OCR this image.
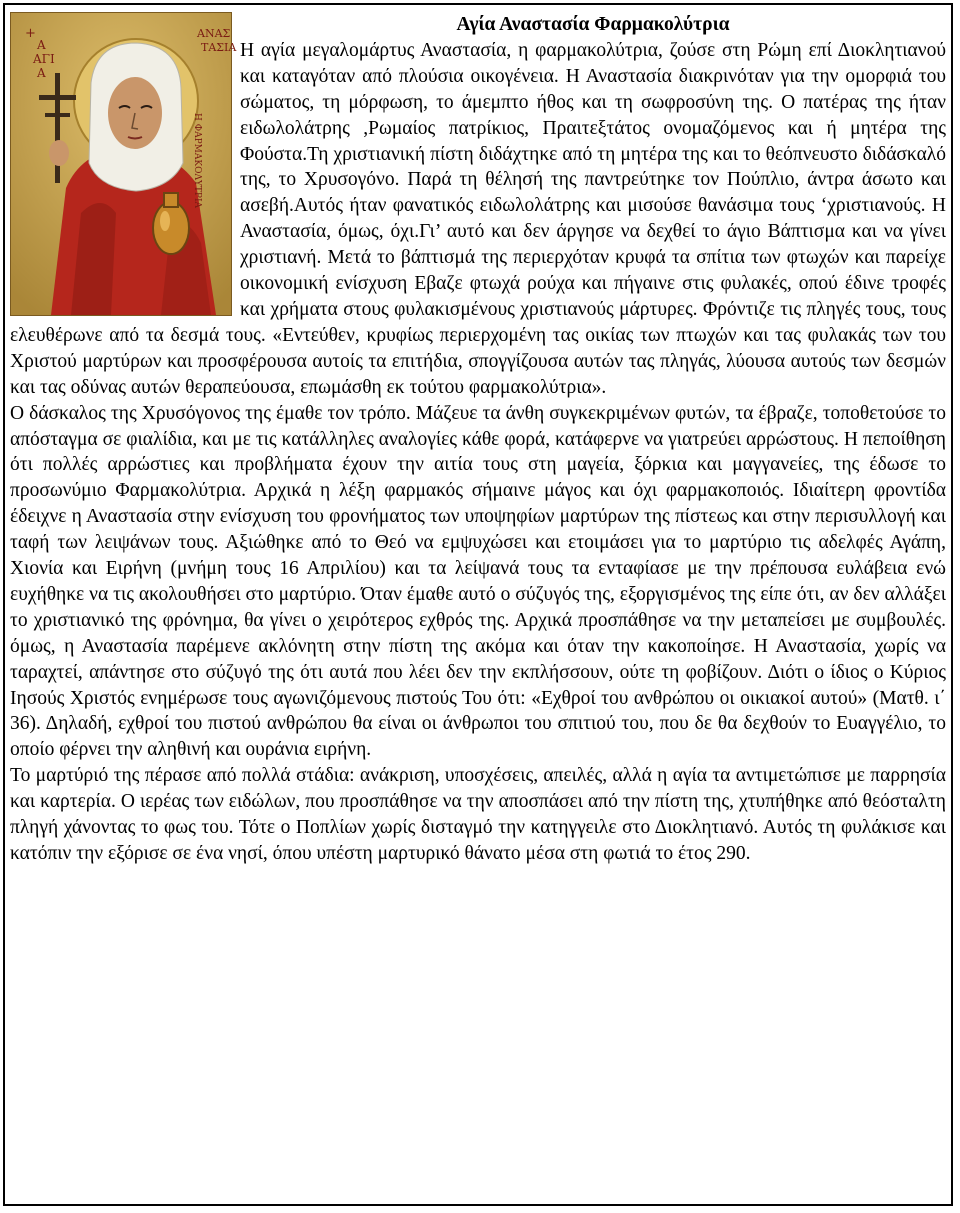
+
Α
ΑΓΙ
Α
ΑΝΑΣ
ΤΑΣΙΑ
Η ΦΑΡΜΑΚΟΛΥΤΡΙΑ
Αγία Αναστασία Φαρμακολύτρια

Η αγία μεγαλομάρτυς Αναστασία, η φαρμακολύτρια, ζούσε στη Ρώμη επί Διοκλητιανού και καταγόταν από πλούσια οικογένεια. Η Αναστασία διακρινόταν για την ομορφιά του σώματος, τη μόρφωση, το άμεμπτο ήθος και τη σωφροσύνη της. Ο πατέρας της ήταν ειδωλολάτρης ,Ρωμαίος πατρίκιος, Πραιτεξτάτος ονομαζόμενος και ή μητέρα της Φούστα.Τη χριστιανική πίστη διδάχτηκε από τη μητέρα της και το θεόπνευστο διδάσκαλό της, το Χρυσογόνο. Παρά τη θέλησή της παντρεύτηκε τον Πούπλιο, άντρα άσωτο και ασεβή.Αυτός ήταν φανατικός ειδωλολάτρης και μισούσε θανάσιμα τους ‘χριστιανούς. Η Αναστασία, όμως, όχι.Γι’ αυτό και δεν άργησε να δεχθεί το άγιο Βάπτισμα και να γίνει χριστιανή. Μετά το βάπτισμά της περιερχόταν κρυφά τα σπίτια των φτωχών και παρείχε οικονομική ενίσχυση Εβαζε φτωχά ρούχα και πήγαινε στις φυλακές, οπού έδινε τροφές και χρήματα στους φυλακισμένους χριστιανούς μάρτυρες. Φρόντιζε τις πληγές τους, τους ελευθέρωνε από τα δεσμά τους. «Εντεύθεν, κρυφίως περιερχομένη τας οικίας των πτωχών και τας φυλακάς των του Χριστού μαρτύρων και προσφέρουσα αυτοίς τα επιτήδια, σπογγίζουσα αυτών τας πληγάς, λύουσα αυτούς των δεσμών και τας οδύνας αυτών θεραπεύουσα, επωμάσθη εκ τούτου φαρμακολύτρια».

Ο δάσκαλος της Χρυσόγονος της έμαθε τον τρόπο. Μάζευε τα άνθη συγκεκριμένων φυτών, τα έβραζε, τοποθετούσε το απόσταγμα σε φιαλίδια, και με τις κατάλληλες αναλογίες κάθε φορά, κατάφερνε να γιατρεύει αρρώστους. Η πεποίθηση ότι πολλές αρρώστιες και προβλήματα έχουν την αιτία τους στη μαγεία, ξόρκια και μαγγανείες, της έδωσε το προσωνύμιο Φαρμακολύτρια. Αρχικά η λέξη φαρμακός σήμαινε μάγος και όχι φαρμακοποιός. Ιδιαίτερη φροντίδα έδειχνε η Αναστασία στην ενίσχυση του φρονήματος των υποψηφίων μαρτύρων της πίστεως και στην περισυλλογή και ταφή των λειψάνων τους. Αξιώθηκε από το Θεό να εμψυχώσει και ετοιμάσει για το μαρτύριο τις αδελφές Αγάπη, Χιονία και Ειρήνη (μνήμη τους 16 Απριλίου) και τα λείψανά τους τα ενταφίασε με την πρέπουσα ευλάβεια ενώ ευχήθηκε να τις ακολουθήσει στο μαρτύριο. Όταν έμαθε αυτό ο σύζυγός της, εξοργισμένος της είπε ότι, αν δεν αλλάξει το χριστιανικό της φρόνημα, θα γίνει ο χειρότερος εχθρός της. Αρχικά προσπάθησε να την μεταπείσει με συμβουλές. όμως, η Αναστασία παρέμενε ακλόνητη στην πίστη της ακόμα και όταν την κακοποίησε. Η Αναστασία, χωρίς να ταραχτεί, απάντησε στο σύζυγό της ότι αυτά που λέει δεν την εκπλήσσουν, ούτε τη φοβίζουν. Διότι ο ίδιος ο Κύριος Ιησούς Χριστός ενημέρωσε τους αγωνιζόμενους πιστούς Του ότι: «Εχθροί του ανθρώπου οι οικιακοί αυτού» (Ματθ. ι΄ 36). Δηλαδή, εχθροί του πιστού ανθρώπου θα είναι οι άνθρωποι του σπιτιού του, που δε θα δεχθούν το Ευαγγέλιο, το οποίο φέρνει την αληθινή και ουράνια ειρήνη.

Το μαρτύριό της πέρασε από πολλά στάδια: ανάκριση, υποσχέσεις, απειλές, αλλά η αγία τα αντιμετώπισε με παρρησία και καρτερία. Ο ιερέας των ειδώλων, που προσπάθησε να την αποσπάσει από την πίστη της, χτυπήθηκε από θεόσταλτη πληγή χάνοντας το φως του. Τότε ο Ποπλίων χωρίς δισταγμό την κατηγγειλε στο Διοκλητιανό. Αυτός τη φυλάκισε και κατόπιν την εξόρισε σε ένα νησί, όπου υπέστη μαρτυρικό θάνατο μέσα στη φωτιά το έτος 290.
